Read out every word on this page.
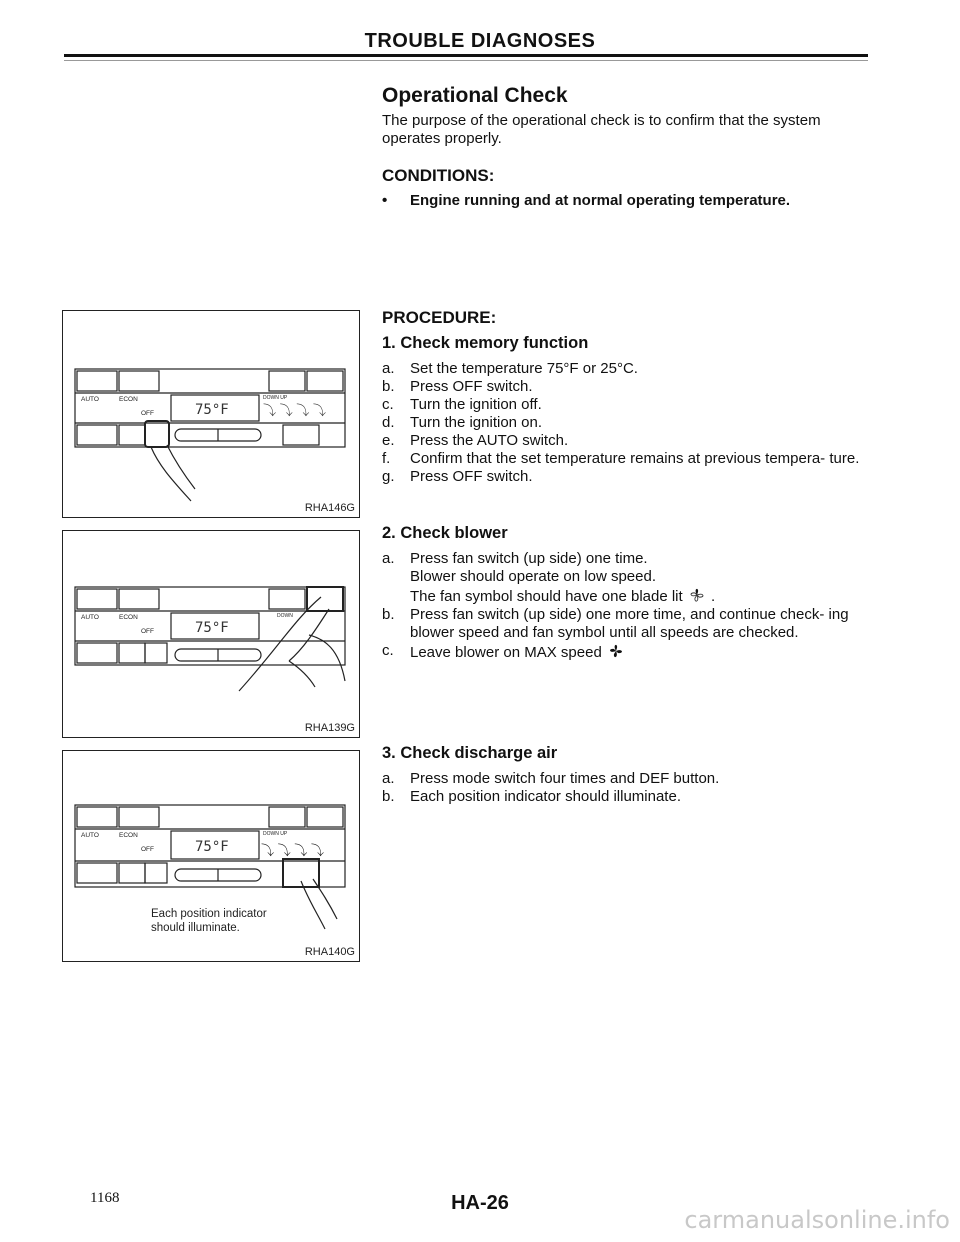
TROUBLE DIAGNOSES
Operational Check
The purpose of the operational check is to confirm that the system operates properly.
CONDITIONS:
• Engine running and at normal operating temperature.
PROCEDURE:
1. Check memory function
a. Set the temperature 75°F or 25°C.
b. Press OFF switch.
c. Turn the ignition off.
d. Turn the ignition on.
e. Press the AUTO switch.
f. Confirm that the set temperature remains at previous tempera- ture.
g. Press OFF switch.
2. Check blower
a. Press fan switch (up side) one time.
Blower should operate on low speed.
The fan symbol should have one blade lit  .
b. Press fan switch (up side) one more time, and continue check- ing blower speed and fan symbol until all speeds are checked.
c. Leave blower on MAX speed
3. Check discharge air
a. Press mode switch four times and DEF button.
b. Each position indicator should illuminate.
AUTO	ECON
OFF
DOWN UP
75°F	⤵ ⤵ ⤵ ⤵
RHA146G
AUTO	ECON
OFF
DOWN
75°F
RHA139G
AUTO	ECON
OFF
DOWN UP
75°F ⤵ ⤵ ⤵ ⤵
Each position indicator should illuminate.
RHA140G
1168	HA-26
carmanualsonline.info
